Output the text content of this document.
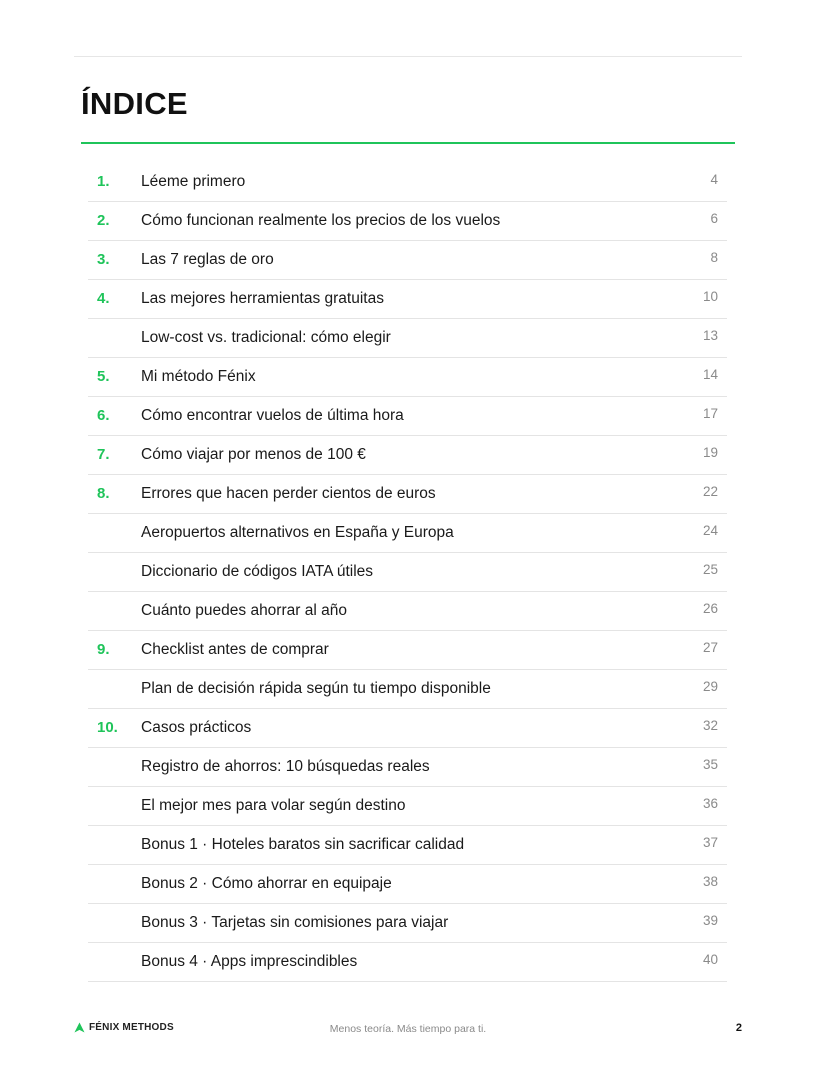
ÍNDICE
1. Léeme primero	4
2. Cómo funcionan realmente los precios de los vuelos	6
3. Las 7 reglas de oro	8
4. Las mejores herramientas gratuitas	10
Low-cost vs. tradicional: cómo elegir	13
5. Mi método Fénix	14
6. Cómo encontrar vuelos de última hora	17
7. Cómo viajar por menos de 100 €	19
8. Errores que hacen perder cientos de euros	22
Aeropuertos alternativos en España y Europa	24
Diccionario de códigos IATA útiles	25
Cuánto puedes ahorrar al año	26
9. Checklist antes de comprar	27
Plan de decisión rápida según tu tiempo disponible	29
10. Casos prácticos	32
Registro de ahorros: 10 búsquedas reales	35
El mejor mes para volar según destino	36
Bonus 1 · Hoteles baratos sin sacrificar calidad	37
Bonus 2 · Cómo ahorrar en equipaje	38
Bonus 3 · Tarjetas sin comisiones para viajar	39
Bonus 4 · Apps imprescindibles	40
FÉNIX METHODS	Menos teoría. Más tiempo para ti.	2
